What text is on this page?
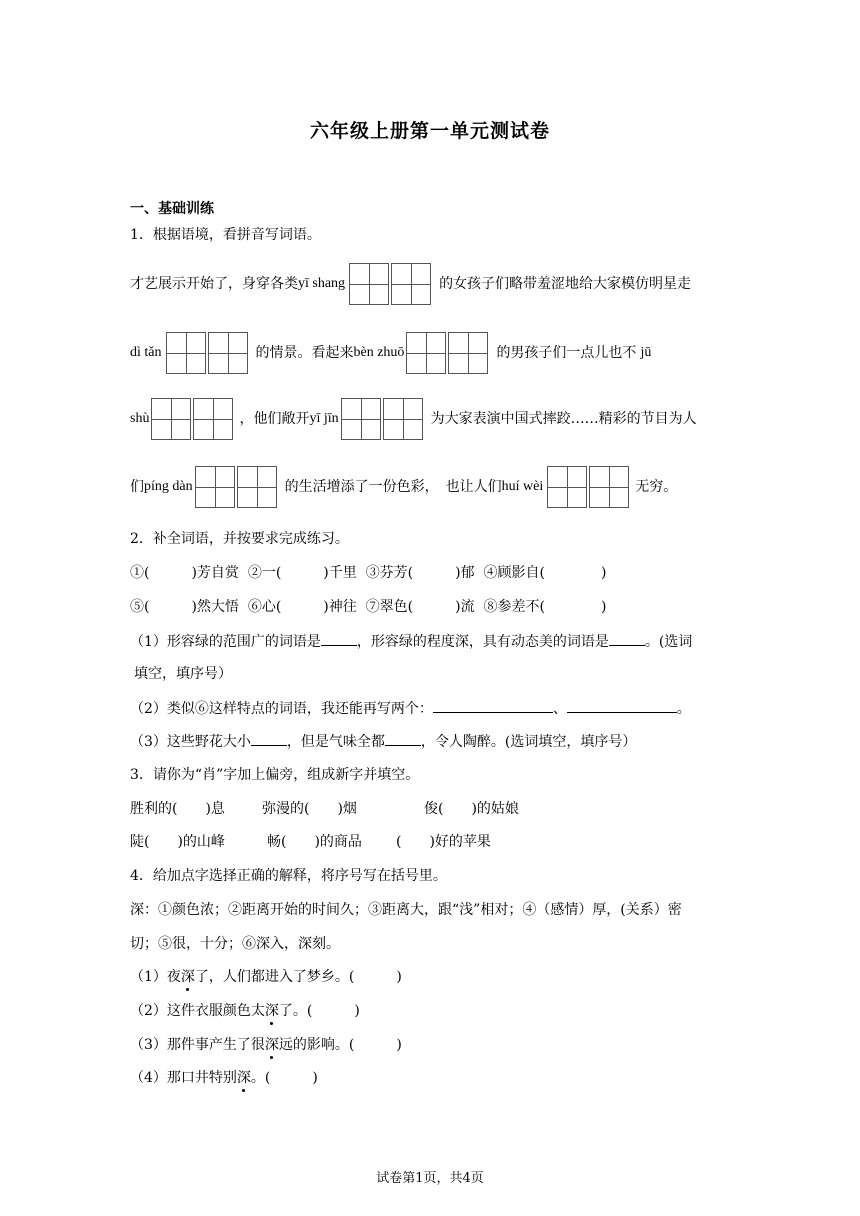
六年级上册第一单元测试卷
一、基础训练
1．根据语境，看拼音写词语。
才艺展示开始了，身穿各类 yī shang	的女孩子们略带羞涩地给大家模仿明星走
dì tǎn	的情景。看起来 bèn zhuō	的男孩子们一点儿也不 jū
shù	，他们敞开 yī jīn	为大家表演中国式摔跤……精彩的节目为人
们 píng dàn	的生活增添了一份色彩，　也让人们 huí wèi	无穷。
2．补全词语，并按要求完成练习。
①(　　　)芳自赏 ②一(　　　)千里 ③芬芳(　　　)郁 ④顾影自(　　　　)
⑤(　　　)然大悟 ⑥心(　　　)神往 ⑦翠色(　　　)流 ⑧参差不(　　　　)
（1）形容绿的范围广的词语是	，形容绿的程度深，具有动态美的词语是	。(选词
填空，填序号）
（2）类似⑥这样特点的词语，我还能再写两个：	、	。
（3）这些野花大小	，但是气味全都	，令人陶醉。(选词填空，填序号）
3．请你为“肖”字加上偏旁，组成新字并填空。
胜利的(　　)息	弥漫的(　　)烟	俊(　　)的姑娘
陡(　　)的山峰	畅(　　)的商品 (　　)好的苹果
4．给加点字选择正确的解释，将序号写在括号里。
深：①颜色浓；②距离开始的时间久；③距离大，跟“浅”相对；④（感情）厚，(关系）密
切；⑤很，十分；⑥深入，深刻。
（1）夜深了，人们都进入了梦乡。(　　　)
（2）这件衣服颜色太深了。(　　　)
（3）那件事产生了很深远的影响。(　　　)
（4）那口井特别深。(　　　)
试卷第1页，共4页
